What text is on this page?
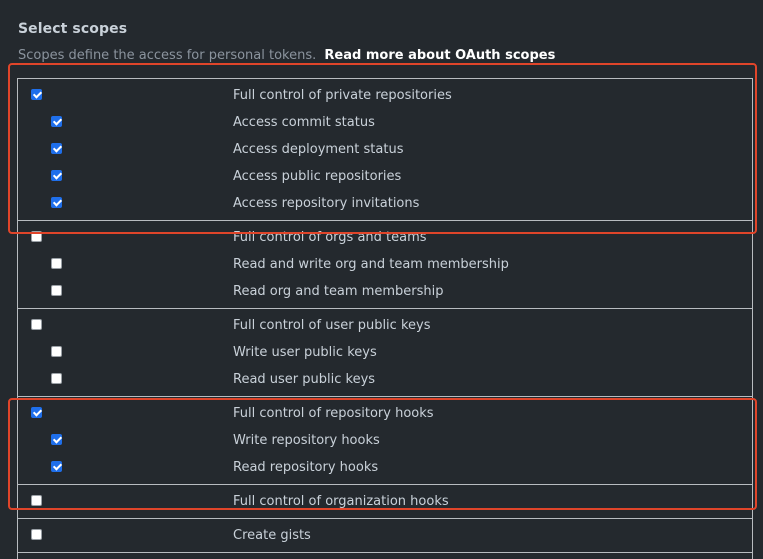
Select scopes
Scopes define the access for personal tokens. Read more about OAuth scopes
Full control of private repositories
Access commit status
Access deployment status
Access public repositories
Access repository invitations
Full control of orgs and teams
Read and write org and team membership
Read org and team membership
Full control of user public keys
Write user public keys
Read user public keys
Full control of repository hooks
Write repository hooks
Read repository hooks
Full control of organization hooks
Create gists
